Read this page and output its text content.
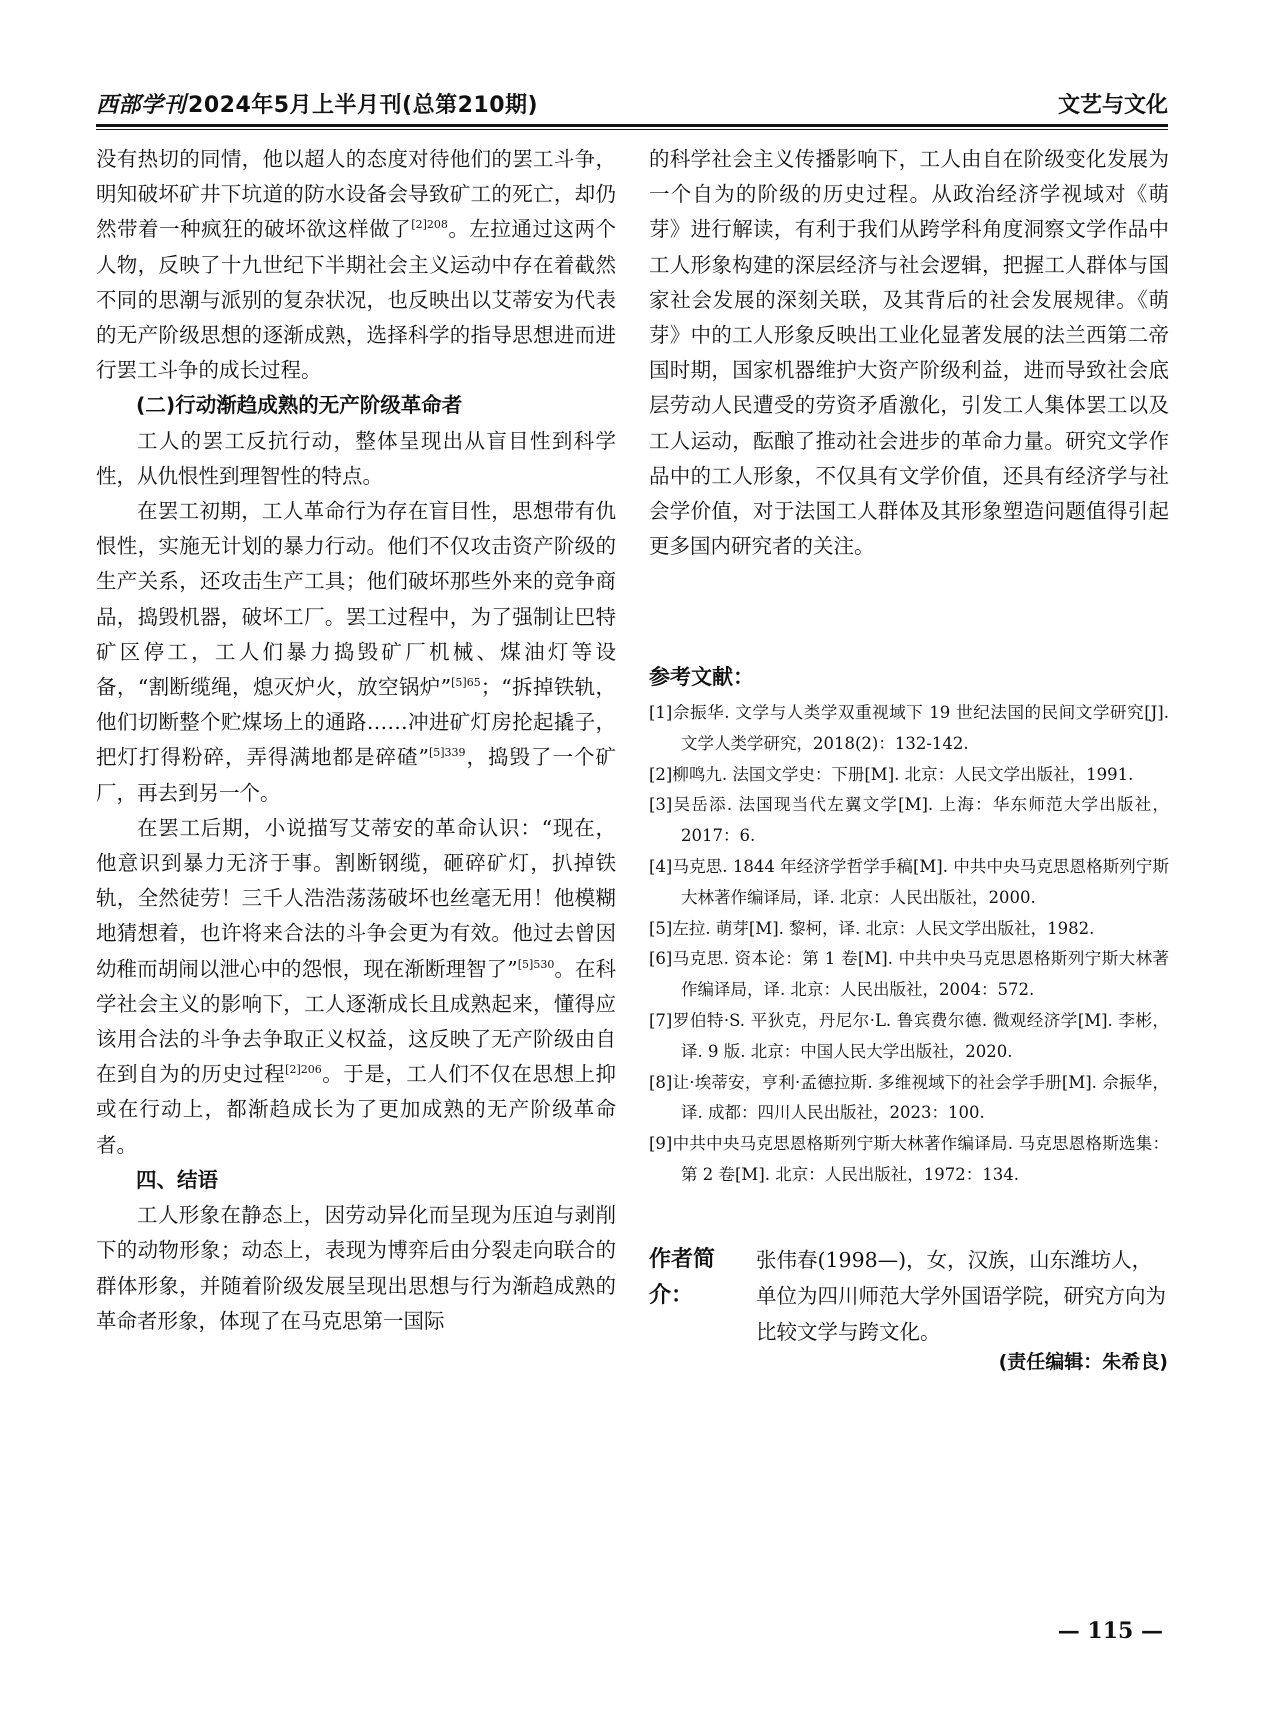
西部学刊2024年5月上半月刊(总第210期)	文艺与文化

没有热切的同情，他以超人的态度对待他们的罢工斗争，明知破坏矿井下坑道的防水设备会导致矿工的死亡，却仍然带着一种疯狂的破坏欲这样做了$^{[2]208}$。左拉通过这两个人物，反映了十九世纪下半期社会主义运动中存在着截然不同的思潮与派别的复杂状况，也反映出以艾蒂安为代表的无产阶级思想的逐渐成熟，选择科学的指导思想进而进行罢工斗争的成长过程。

(二)行动渐趋成熟的无产阶级革命者

工人的罢工反抗行动，整体呈现出从盲目性到科学性，从仇恨性到理智性的特点。

在罢工初期，工人革命行为存在盲目性，思想带有仇恨性，实施无计划的暴力行动。他们不仅攻击资产阶级的生产关系，还攻击生产工具；他们破坏那些外来的竞争商品，捣毁机器，破坏工厂。罢工过程中，为了强制让巴特矿区停工，工人们暴力捣毁矿厂机械、煤油灯等设备，“割断缆绳，熄灭炉火，放空锅炉”$^{[5]65}$；“拆掉铁轨，他们切断整个贮煤场上的通路……冲进矿灯房抡起撬子，把灯打得粉碎，弄得满地都是碎碴”$^{[5]339}$，捣毁了一个矿厂，再去到另一个。

在罢工后期，小说描写艾蒂安的革命认识：“现在，他意识到暴力无济于事。割断钢缆，砸碎矿灯，扒掉铁轨，全然徒劳！三千人浩浩荡荡破坏也丝毫无用！他模糊地猜想着，也许将来合法的斗争会更为有效。他过去曾因幼稚而胡闹以泄心中的怨恨，现在渐断理智了”$^{[5]530}$。在科学社会主义的影响下，工人逐渐成长且成熟起来，懂得应该用合法的斗争去争取正义权益，这反映了无产阶级由自在到自为的历史过程$^{[2]206}$。于是，工人们不仅在思想上抑或在行动上，都渐趋成长为了更加成熟的无产阶级革命者。

四、结语

工人形象在静态上，因劳动异化而呈现为压迫与剥削下的动物形象；动态上，表现为博弈后由分裂走向联合的群体形象，并随着阶级发展呈现出思想与行为渐趋成熟的革命者形象，体现了在马克思第一国际

的科学社会主义传播影响下，工人由自在阶级变化发展为一个自为的阶级的历史过程。从政治经济学视域对《萌芽》进行解读，有利于我们从跨学科角度洞察文学作品中工人形象构建的深层经济与社会逻辑，把握工人群体与国家社会发展的深刻关联，及其背后的社会发展规律。《萌芽》中的工人形象反映出工业化显著发展的法兰西第二帝国时期，国家机器维护大资产阶级利益，进而导致社会底层劳动人民遭受的劳资矛盾激化，引发工人集体罢工以及工人运动，酝酿了推动社会进步的革命力量。研究文学作品中的工人形象，不仅具有文学价值，还具有经济学与社会学价值，对于法国工人群体及其形象塑造问题值得引起更多国内研究者的关注。

参考文献：
[1]佘振华. 文学与人类学双重视域下 19 世纪法国的民间文学研究[J]. 文学人类学研究，2018(2)：132-142.
[2]柳鸣九. 法国文学史：下册[M]. 北京：人民文学出版社，1991.
[3]吴岳添. 法国现当代左翼文学[M]. 上海：华东师范大学出版社，2017：6.
[4]马克思. 1844 年经济学哲学手稿[M]. 中共中央马克思恩格斯列宁斯大林著作编译局，译. 北京：人民出版社，2000.
[5]左拉. 萌芽[M]. 黎柯，译. 北京：人民文学出版社，1982.
[6]马克思. 资本论：第 1 卷[M]. 中共中央马克思恩格斯列宁斯大林著作编译局，译. 北京：人民出版社，2004：572.
[7]罗伯特·S. 平狄克，丹尼尔·L. 鲁宾费尔德. 微观经济学[M]. 李彬，译. 9 版. 北京：中国人民大学出版社，2020.
[8]让·埃蒂安，亨利·孟德拉斯. 多维视域下的社会学手册[M]. 佘振华，译. 成都：四川人民出版社，2023：100.
[9]中共中央马克思恩格斯列宁斯大林著作编译局. 马克思恩格斯选集：第 2 卷[M]. 北京：人民出版社，1972：134.
作者简介：
张伟春(1998—)，女，汉族，山东潍坊人，单位为四川师范大学外国语学院，研究方向为比较文学与跨文化。
(责任编辑：朱希良)
— 115 —
